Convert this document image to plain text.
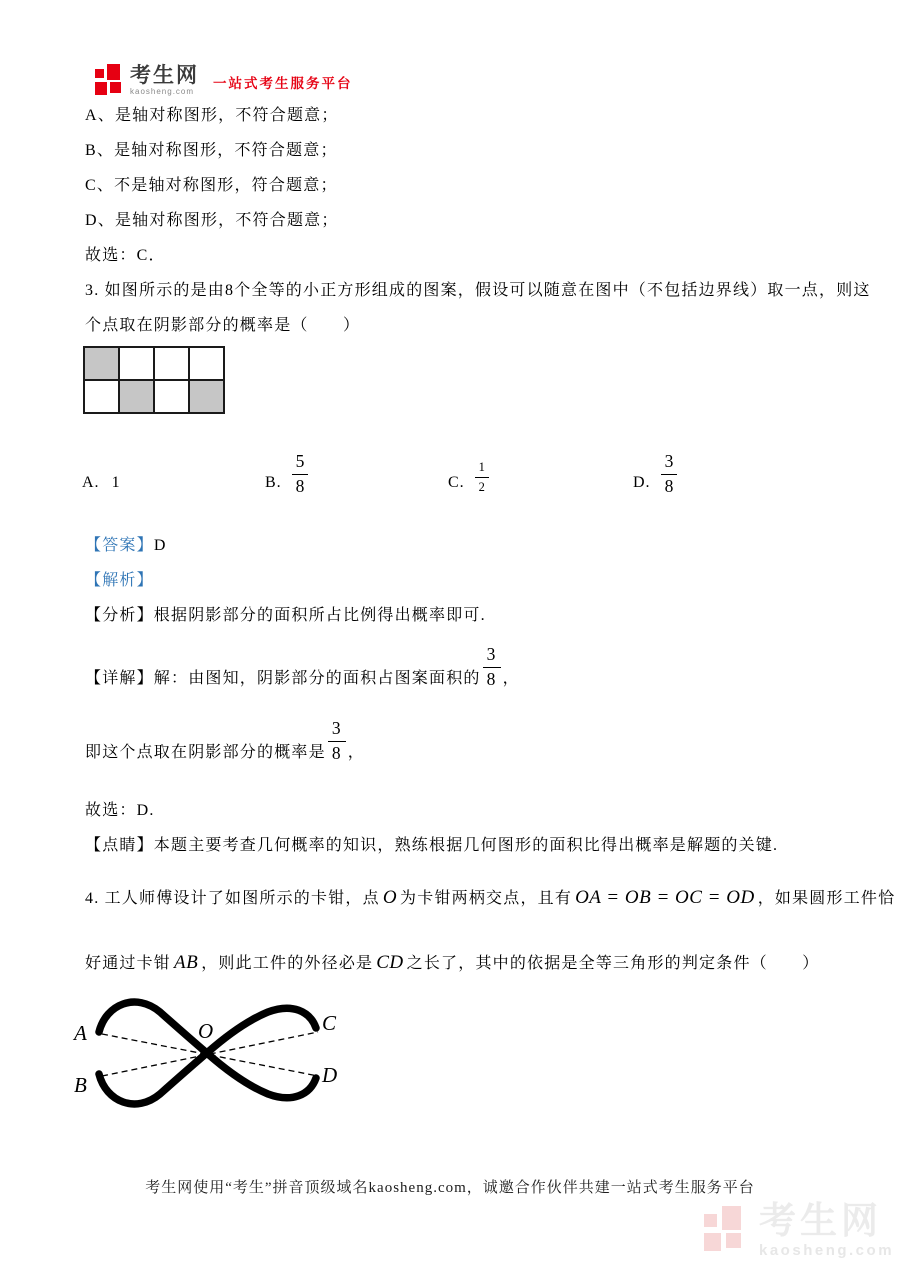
考生网
kaosheng.com
一站式考生服务平台
A、是轴对称图形，不符合题意；
B、是轴对称图形，不符合题意；
C、不是轴对称图形，符合题意；
D、是轴对称图形，不符合题意；
故选：C．
3. 如图所示的是由8个全等的小正方形组成的图案，假设可以随意在图中（不包括边界线）取一点，则这
个点取在阴影部分的概率是（　　）
A. 1	B. $\frac{5}{8}$	C. $\frac{1}{2}$	D. $\frac{3}{8}$
【答案】D
【解析】
【分析】根据阴影部分的面积所占比例得出概率即可.
【详解】解：由图知，阴影部分的面积占图案面积的 $\frac{3}{8}$ ，
即这个点取在阴影部分的概率是 $\frac{3}{8}$ ，
故选：D.
【点睛】本题主要考查几何概率的知识，熟练根据几何图形的面积比得出概率是解题的关键.
4. 工人师傅设计了如图所示的卡钳，点 O 为卡钳两柄交点，且有 OA = OB = OC = OD ，如果圆形工件恰
好通过卡钳 AB ，则此工件的外径必是 CD 之长了，其中的依据是全等三角形的判定条件（　　）
A
B
O	C
D
考生网使用“考生”拼音顶级域名kaosheng.com，诚邀合作伙伴共建一站式考生服务平台
考生网
kaosheng.com
